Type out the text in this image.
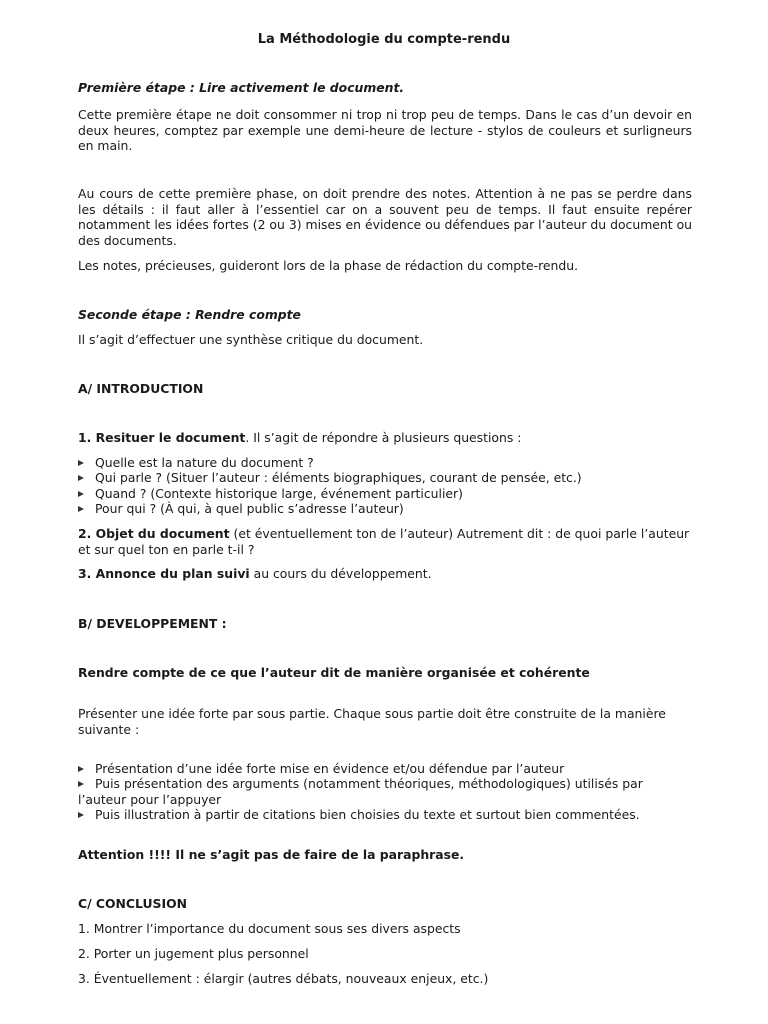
La Méthodologie du compte-rendu
Première étape : Lire activement le document.
Cette première étape ne doit consommer ni trop ni trop peu de temps. Dans le cas d’un devoir en deux heures, comptez par exemple une demi-heure de lecture - stylos de couleurs et surligneurs en main.
Au cours de cette première phase, on doit prendre des notes. Attention à ne pas se perdre dans les détails : il faut aller à l’essentiel car on a souvent peu de temps. Il faut ensuite repérer notamment les idées fortes (2 ou 3) mises en évidence ou défendues par l’auteur du document ou des documents.
Les notes, précieuses, guideront lors de la phase de rédaction du compte-rendu.
Seconde étape : Rendre compte
Il s’agit d’effectuer une synthèse critique du document.
A/ INTRODUCTION
1. Resituer le document. Il s’agit de répondre à plusieurs questions :
Quelle est la nature du document ?
Qui parle ? (Situer l’auteur : éléments biographiques, courant de pensée, etc.)
Quand ? (Contexte historique large, événement particulier)
Pour qui ? (À qui, à quel public s’adresse l’auteur)
2. Objet du document (et éventuellement ton de l’auteur) Autrement dit : de quoi parle l’auteur et sur quel ton en parle t-il ?
3. Annonce du plan suivi au cours du développement.
B/ DEVELOPPEMENT :
Rendre compte de ce que l’auteur dit de manière organisée et cohérente
Présenter une idée forte par sous partie. Chaque sous partie doit être construite de la manière suivante :
Présentation d’une idée forte mise en évidence et/ou défendue par l’auteur
Puis présentation des arguments (notamment théoriques, méthodologiques) utilisés par l’auteur pour l’appuyer
Puis illustration à partir de citations bien choisies du texte et surtout bien commentées.
Attention !!!! Il ne s’agit pas de faire de la paraphrase.
C/ CONCLUSION
1. Montrer l’importance du document sous ses divers aspects
2. Porter un jugement plus personnel
3. Éventuellement : élargir (autres débats, nouveaux enjeux, etc.)
